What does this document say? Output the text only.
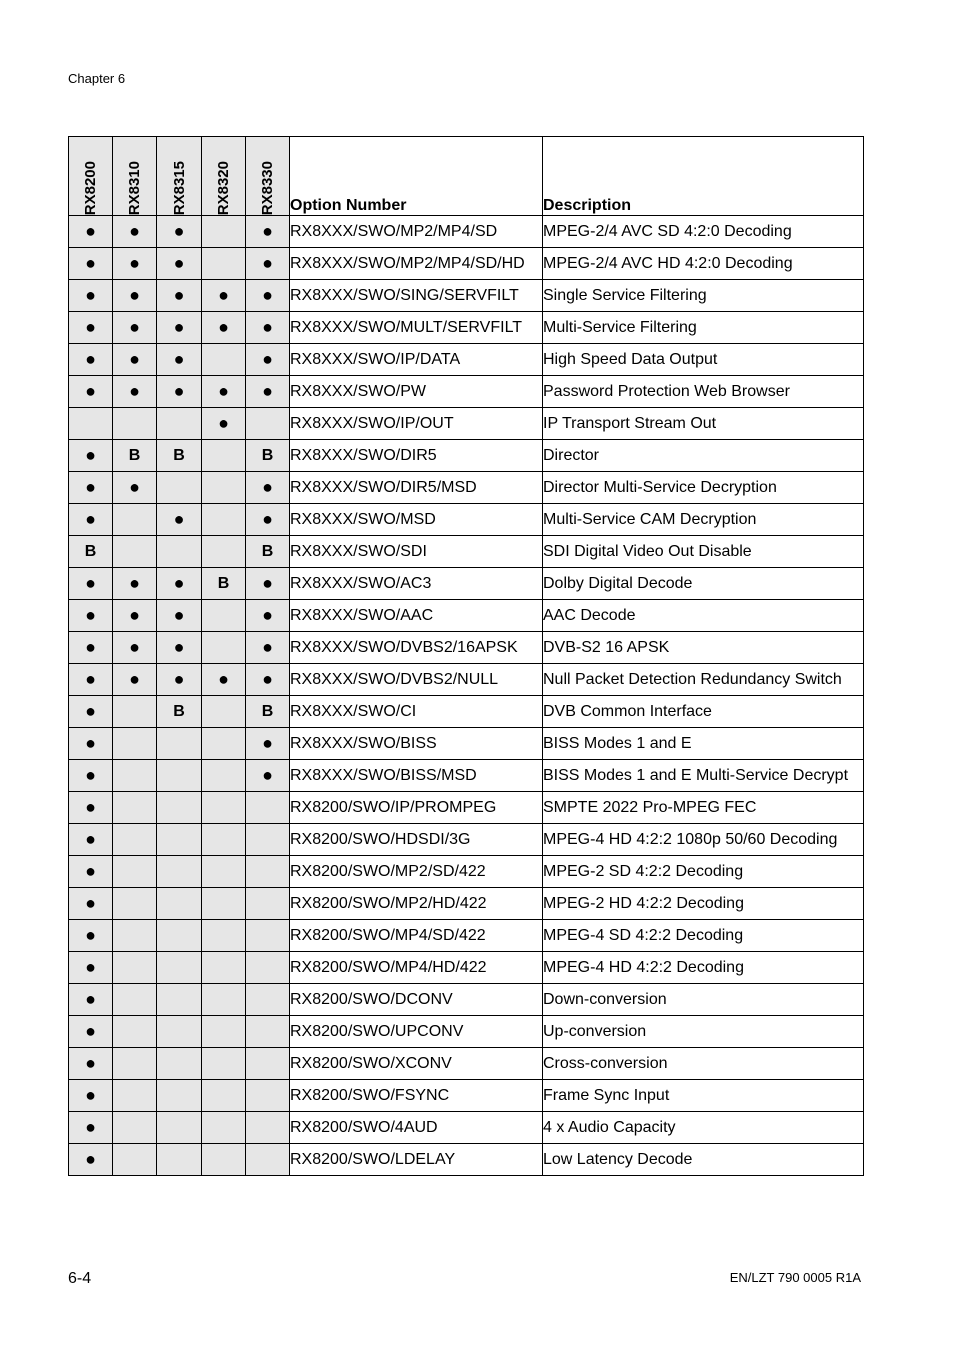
Chapter 6
RX8200	RX8310	RX8315	RX8320	RX8330	Option Number	Description
●	●	●		●	RX8XXX/SWO/MP2/MP4/SD	MPEG-2/4 AVC SD 4:2:0 Decoding
●	●	●		●	RX8XXX/SWO/MP2/MP4/SD/HD	MPEG-2/4 AVC HD 4:2:0 Decoding
●	●	●	●	●	RX8XXX/SWO/SING/SERVFILT	Single Service Filtering
●	●	●	●	●	RX8XXX/SWO/MULT/SERVFILT	Multi-Service Filtering
●	●	●		●	RX8XXX/SWO/IP/DATA	High Speed Data Output
●	●	●	●	●	RX8XXX/SWO/PW	Password Protection Web Browser
			●		RX8XXX/SWO/IP/OUT	IP Transport Stream Out
●	B	B		B	RX8XXX/SWO/DIR5	Director
●	●			●	RX8XXX/SWO/DIR5/MSD	Director Multi-Service Decryption
●		●		●	RX8XXX/SWO/MSD	Multi-Service CAM Decryption
B				B	RX8XXX/SWO/SDI	SDI Digital Video Out Disable
●	●	●	B	●	RX8XXX/SWO/AC3	Dolby Digital Decode
●	●	●		●	RX8XXX/SWO/AAC	AAC Decode
●	●	●		●	RX8XXX/SWO/DVBS2/16APSK	DVB-S2 16 APSK
●	●	●	●	●	RX8XXX/SWO/DVBS2/NULL	Null Packet Detection Redundancy Switch
●		B		B	RX8XXX/SWO/CI	DVB Common Interface
●				●	RX8XXX/SWO/BISS	BISS Modes 1 and E
●				●	RX8XXX/SWO/BISS/MSD	BISS Modes 1 and E Multi-Service Decrypt
●					RX8200/SWO/IP/PROMPEG	SMPTE 2022 Pro-MPEG FEC
●					RX8200/SWO/HDSDI/3G	MPEG-4 HD 4:2:2 1080p 50/60 Decoding
●					RX8200/SWO/MP2/SD/422	MPEG-2 SD 4:2:2 Decoding
●					RX8200/SWO/MP2/HD/422	MPEG-2 HD 4:2:2 Decoding
●					RX8200/SWO/MP4/SD/422	MPEG-4 SD 4:2:2 Decoding
●					RX8200/SWO/MP4/HD/422	MPEG-4 HD 4:2:2 Decoding
●					RX8200/SWO/DCONV	Down-conversion
●					RX8200/SWO/UPCONV	Up-conversion
●					RX8200/SWO/XCONV	Cross-conversion
●					RX8200/SWO/FSYNC	Frame Sync Input
●					RX8200/SWO/4AUD	4 x Audio Capacity
●					RX8200/SWO/LDELAY	Low Latency Decode
6-4	EN/LZT 790 0005 R1A
